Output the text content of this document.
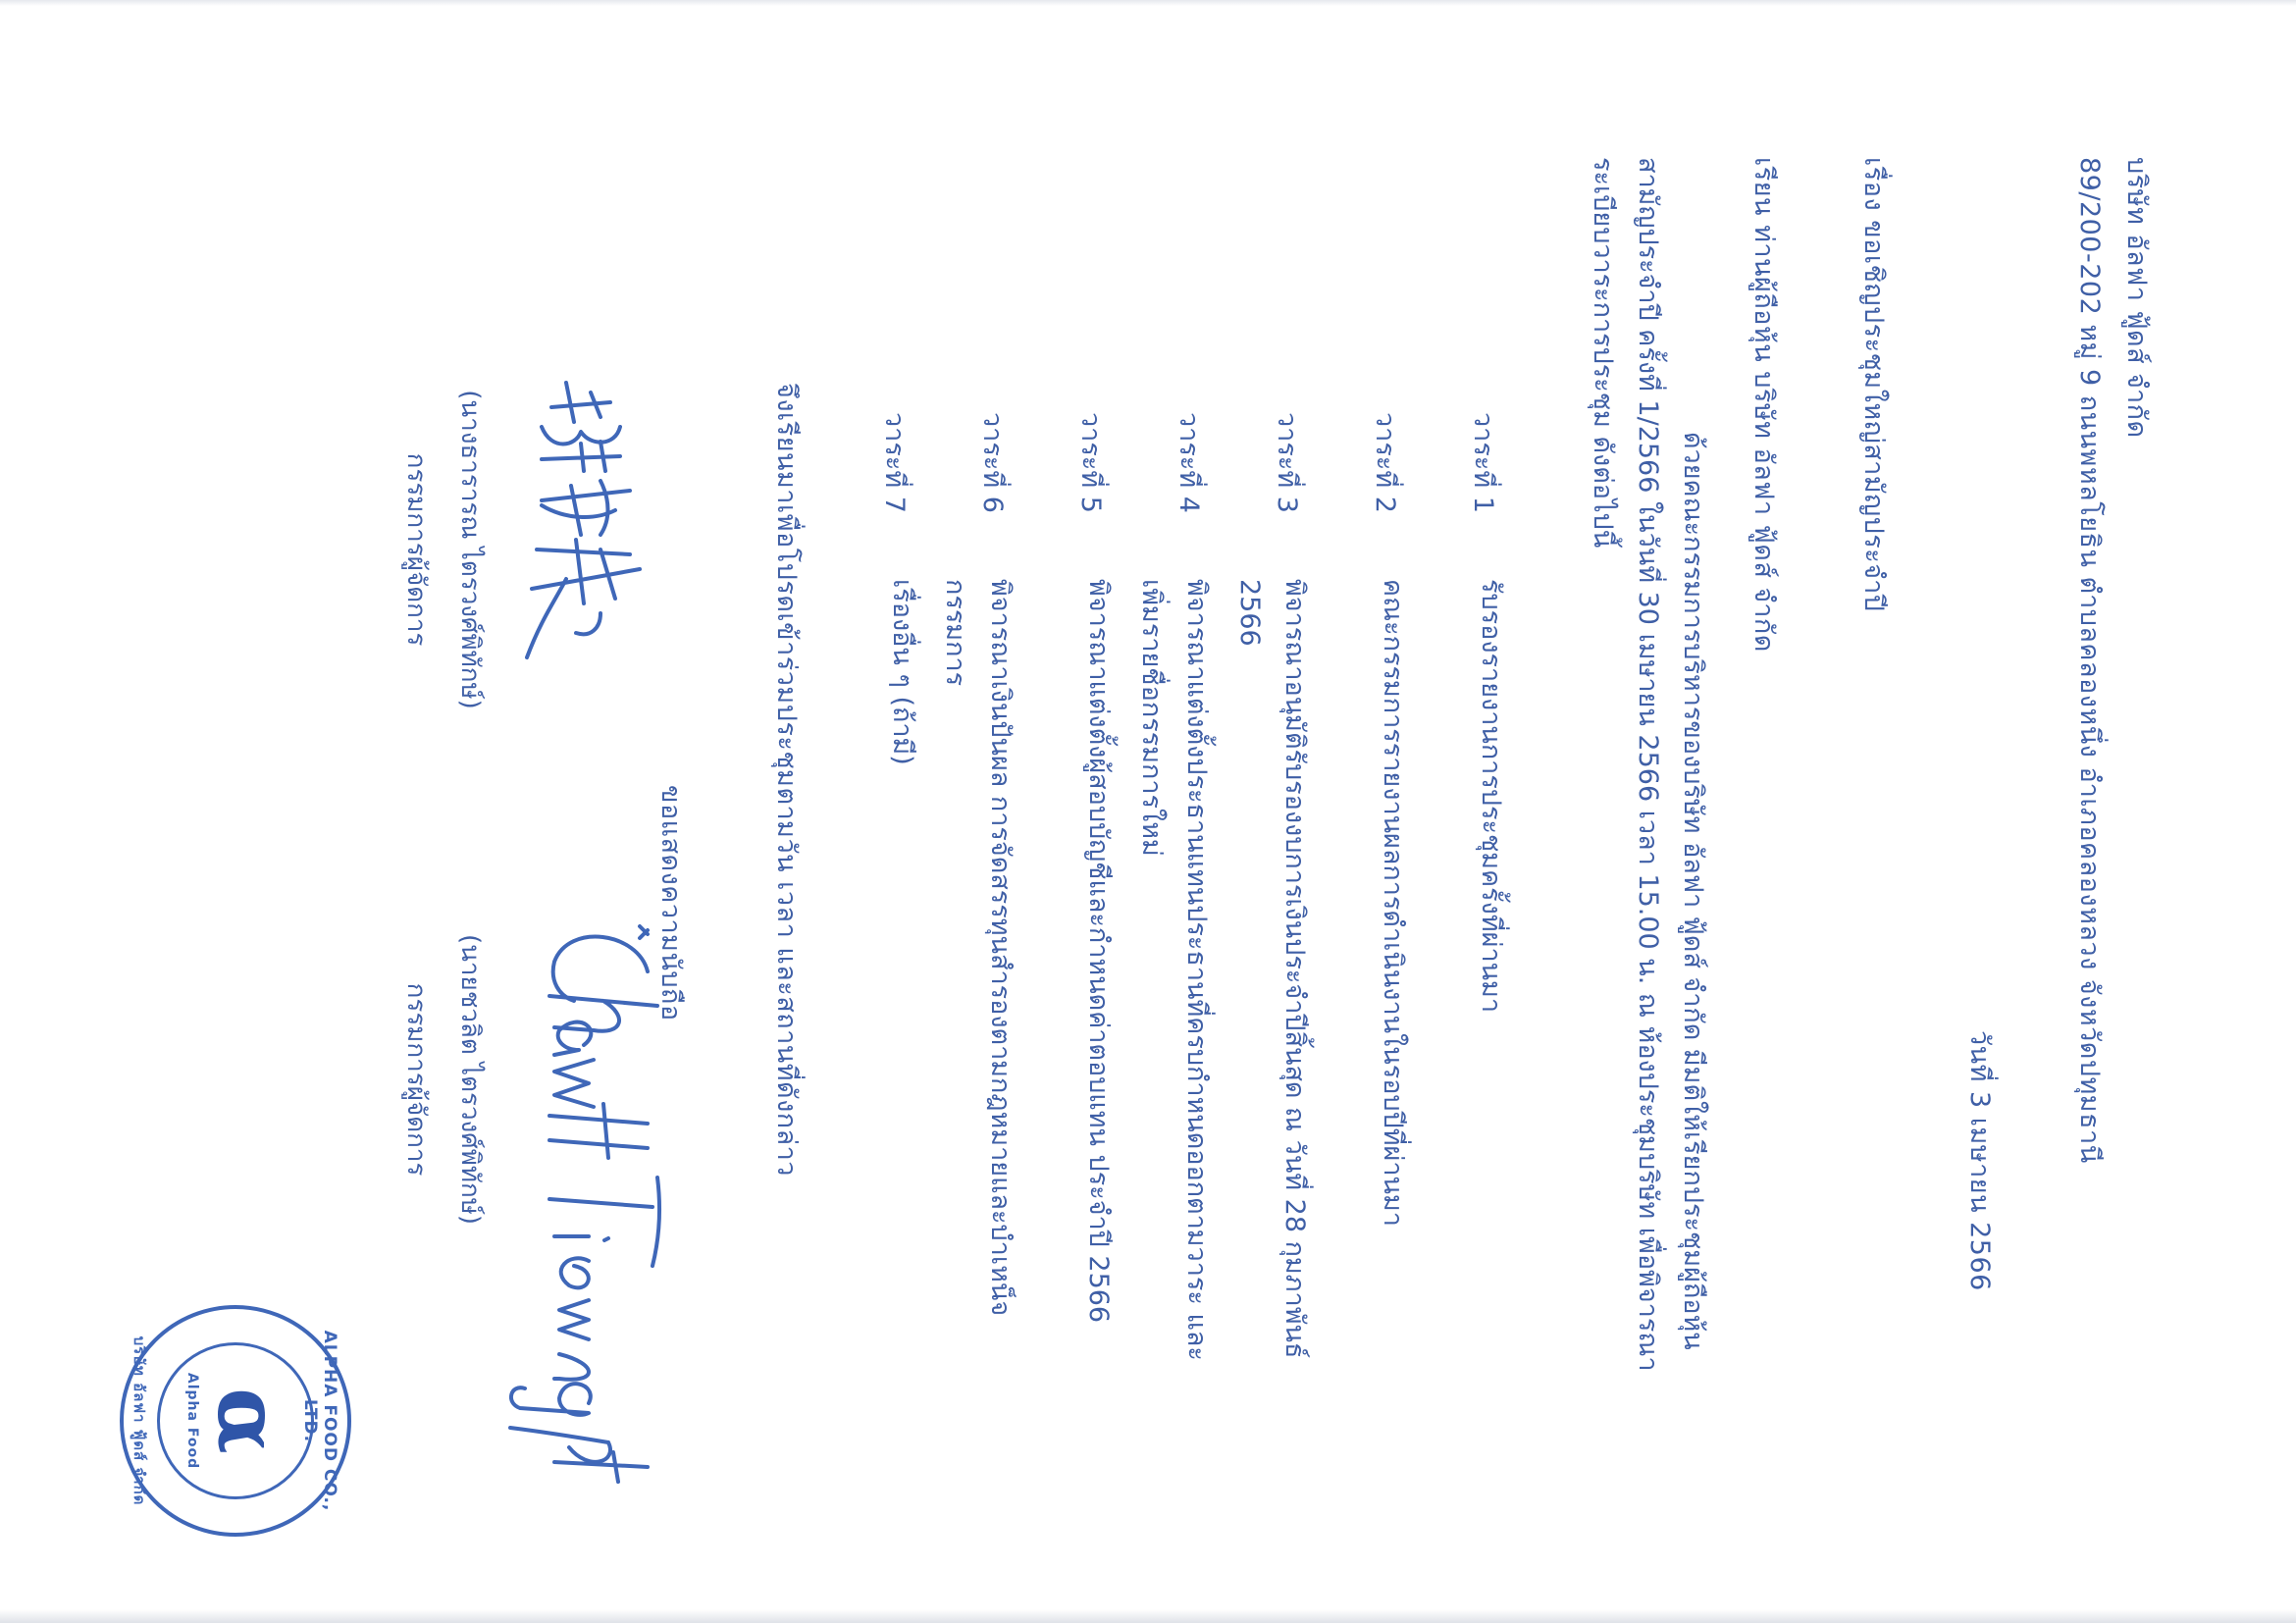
บริษัท อัลฟา ฟู้ดส์ จำกัด
89/200-202 หมู่ 9 ถนนพหลโยธิน ตำบลคลองหนึ่ง อำเภอคลองหลวง จังหวัดปทุมธานี
วันที่ 3 เมษายน 2566
เรื่อง ขอเชิญประชุมใหญ่สามัญประจำปี
เรียน ท่านผู้ถือหุ้น บริษัท อัลฟา ฟู้ดส์ จำกัด
ด้วยคณะกรรมการบริหารของบริษัท อัลฟา ฟู้ดส์ จำกัด มีมติให้เรียกประชุมผู้ถือหุ้นสามัญประจำปี ครั้งที่ 1/2566 ในวันที่ 30 เมษายน 2566 เวลา 15.00 น. ณ ห้องประชุมบริษัท เพื่อพิจารณาระเบียบวาระการประชุม ดังต่อไปนี้
วาระที่ 1
รับรองรายงานการประชุมครั้งที่ผ่านมา
วาระที่ 2
คณะกรรมการรายงานผลการดำเนินงานในรอบปีที่ผ่านมา
วาระที่ 3
พิจารณาอนุมัติรับรองงบการเงินประจำปีสิ้นสุด ณ วันที่ 28 กุมภาพันธ์ 2566
วาระที่ 4
พิจารณาแต่งตั้งประธานแทนประธานที่ครบกำหนดออกตามวาระ และเพิ่มรายชื่อกรรมการใหม่
วาระที่ 5
พิจารณาแต่งตั้งผู้สอบบัญชีและกำหนดค่าตอบแทน ประจำปี 2566
วาระที่ 6
พิจารณาเงินปันผล การจัดสรรทุนสำรองตามกฎหมายและบำเหน็จกรรมการ
วาระที่ 7
เรื่องอื่น ๆ (ถ้ามี)
จึงเรียนมาเพื่อโปรดเข้าร่วมประชุมตามวัน เวลา และสถานที่ดังกล่าว
ขอแสดงความนับถือ
(นางธารารณ ไตรวงศ์พิทักษ์)
กรรมการผู้จัดการ
(นายชวลิต ไตรวงศ์พิทักษ์)
กรรมการผู้จัดการ
ALPHA FOOD CO., LTD.
α
Alpha Food
บริษัท อัลฟา ฟู้ดส์ จำกัด
